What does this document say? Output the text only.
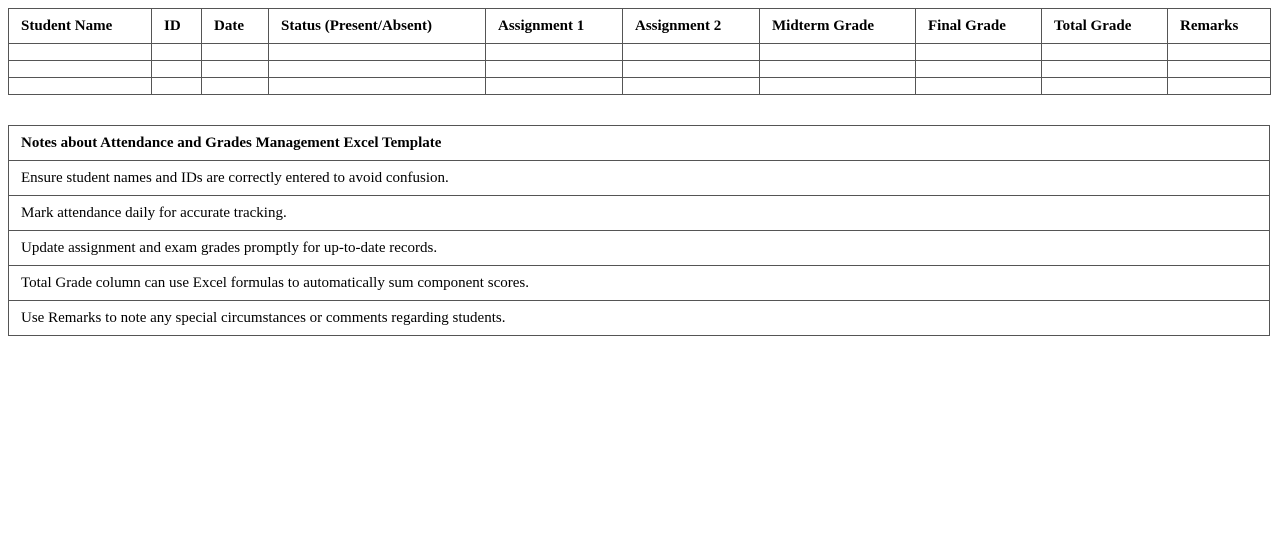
Student Name	ID	Date	Status (Present/Absent)	Assignment 1	Assignment 2	Midterm Grade	Final Grade	Total Grade	Remarks

Notes about Attendance and Grades Management Excel Template
Ensure student names and IDs are correctly entered to avoid confusion.
Mark attendance daily for accurate tracking.
Update assignment and exam grades promptly for up-to-date records.
Total Grade column can use Excel formulas to automatically sum component scores.
Use Remarks to note any special circumstances or comments regarding students.
